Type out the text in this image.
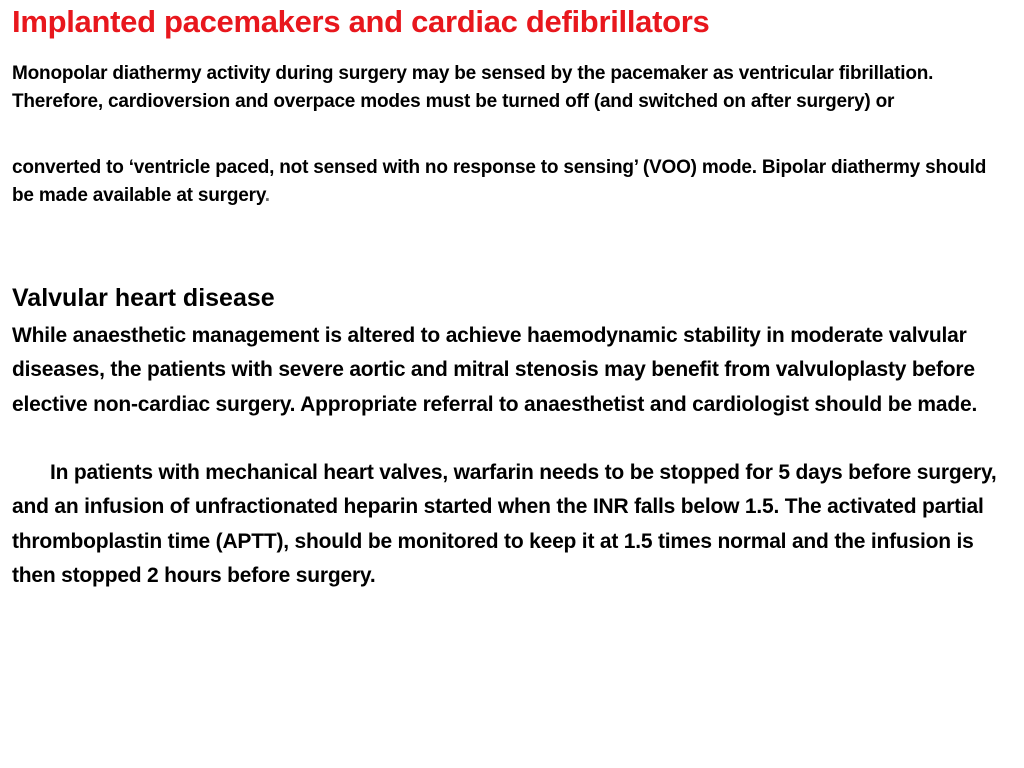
Implanted pacemakers and cardiac defibrillators

Monopolar diathermy activity during surgery may be sensed by the pacemaker as ventricular fibrillation. Therefore, cardioversion and overpace modes must be turned off (and switched on after surgery) or

converted to ‘ventricle paced, not sensed with no response to sensing’ (VOO) mode. Bipolar diathermy should be made available at surgery.

Valvular heart disease

While anaesthetic management is altered to achieve haemodynamic stability in moderate valvular diseases, the patients with severe aortic and mitral stenosis may benefit from valvuloplasty before elective non-cardiac surgery. Appropriate referral to anaesthetist and cardiologist should be made.

In patients with mechanical heart valves, warfarin needs to be stopped for 5 days before surgery, and an infusion of unfractionated heparin started when the INR falls below 1.5. The activated partial thromboplastin time (APTT), should be monitored to keep it at 1.5 times normal and the infusion is then stopped 2 hours before surgery.
